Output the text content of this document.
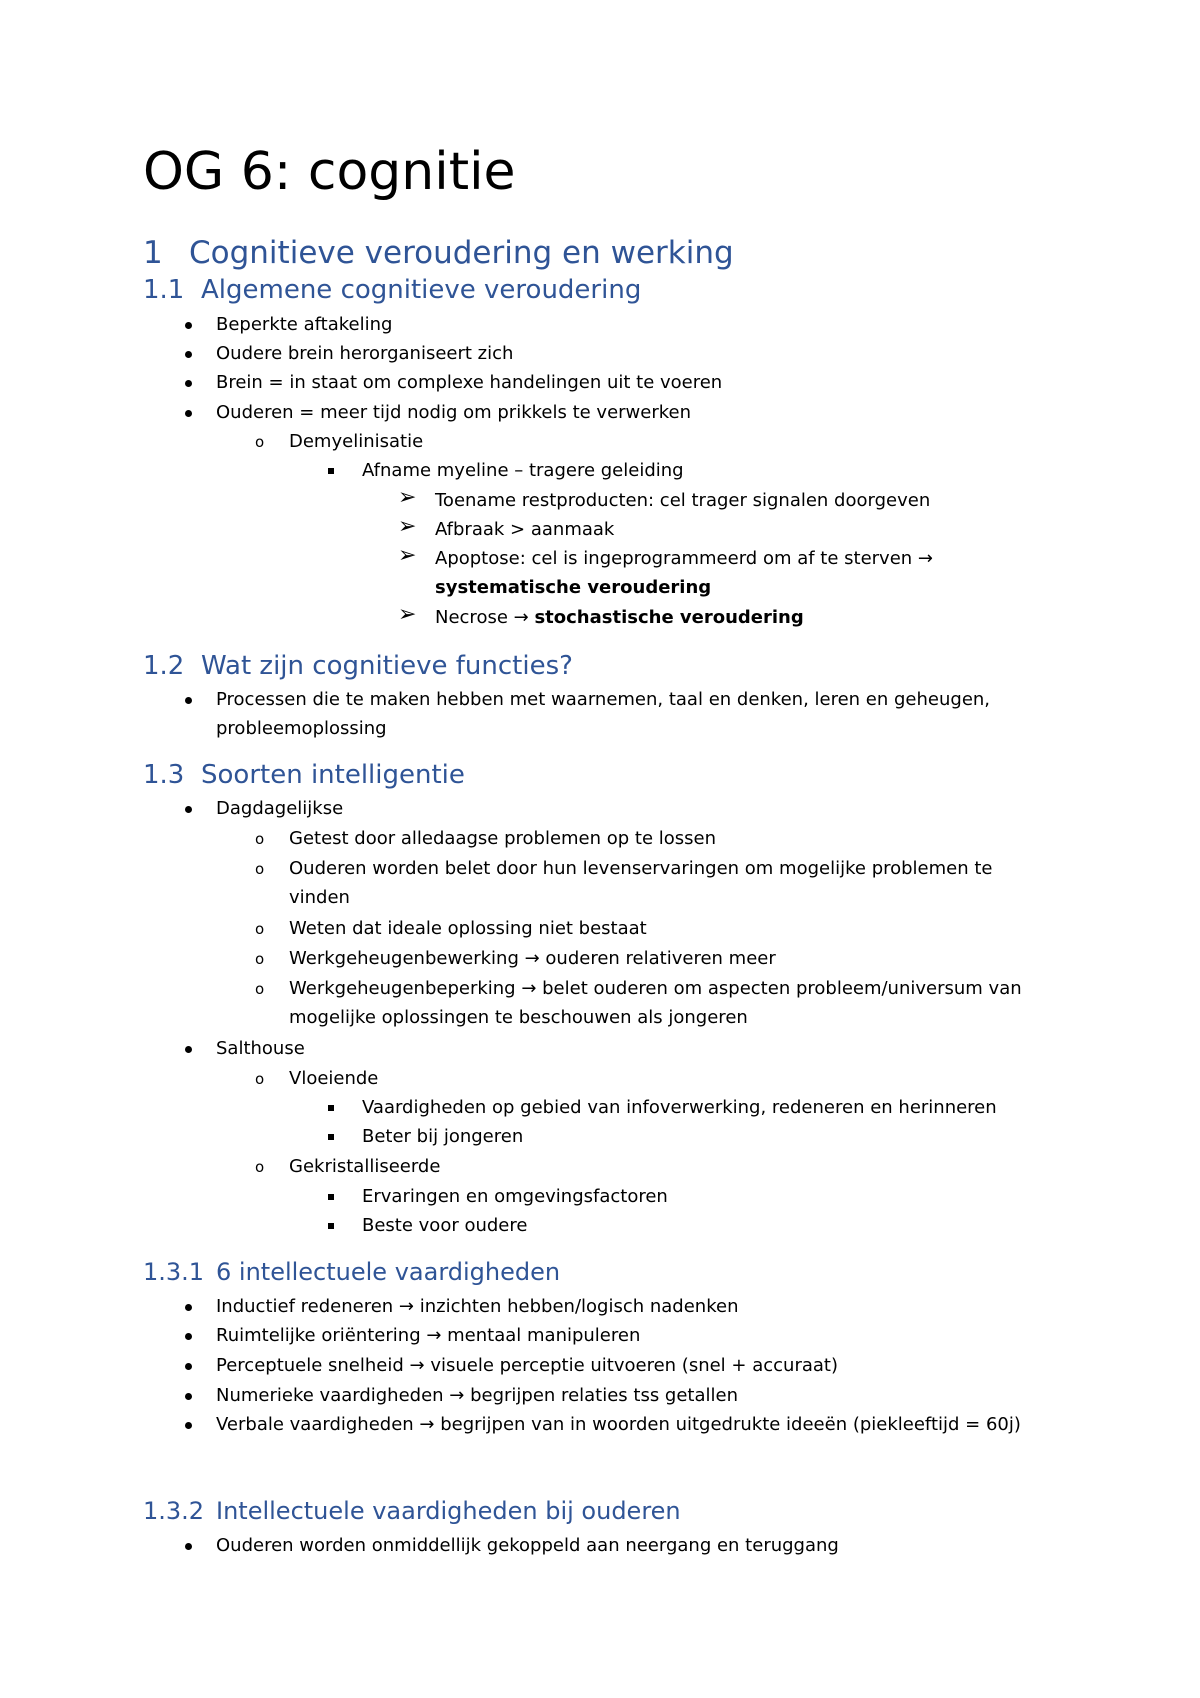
OG 6: cognitie
1 Cognitieve veroudering en werking
1.1 Algemene cognitieve veroudering
Beperkte aftakeling
Oudere brein herorganiseert zich
Brein = in staat om complexe handelingen uit te voeren
Ouderen = meer tijd nodig om prikkels te verwerken
o Demyelinisatie
Afname myeline – tragere geleiding
➢ Toename restproducten: cel trager signalen doorgeven
➢ Afbraak > aanmaak
➢ Apoptose: cel is ingeprogrammeerd om af te sterven →
systematische veroudering
➢ Necrose → stochastische veroudering
1.2 Wat zijn cognitieve functies?
Processen die te maken hebben met waarnemen, taal en denken, leren en geheugen,
probleemoplossing
1.3 Soorten intelligentie
Dagdagelijkse
o Getest door alledaagse problemen op te lossen
o Ouderen worden belet door hun levenservaringen om mogelijke problemen te
vinden
o Weten dat ideale oplossing niet bestaat
o Werkgeheugenbewerking → ouderen relativeren meer
o Werkgeheugenbeperking → belet ouderen om aspecten probleem/universum van
mogelijke oplossingen te beschouwen als jongeren
Salthouse
o Vloeiende
Vaardigheden op gebied van infoverwerking, redeneren en herinneren
Beter bij jongeren
o Gekristalliseerde
Ervaringen en omgevingsfactoren
Beste voor oudere
1.3.1 6 intellectuele vaardigheden
Inductief redeneren → inzichten hebben/logisch nadenken
Ruimtelijke oriëntering → mentaal manipuleren
Perceptuele snelheid → visuele perceptie uitvoeren (snel + accuraat)
Numerieke vaardigheden → begrijpen relaties tss getallen
Verbale vaardigheden → begrijpen van in woorden uitgedrukte ideeën (piekleeftijd = 60j)
1.3.2 Intellectuele vaardigheden bij ouderen
Ouderen worden onmiddellijk gekoppeld aan neergang en teruggang
